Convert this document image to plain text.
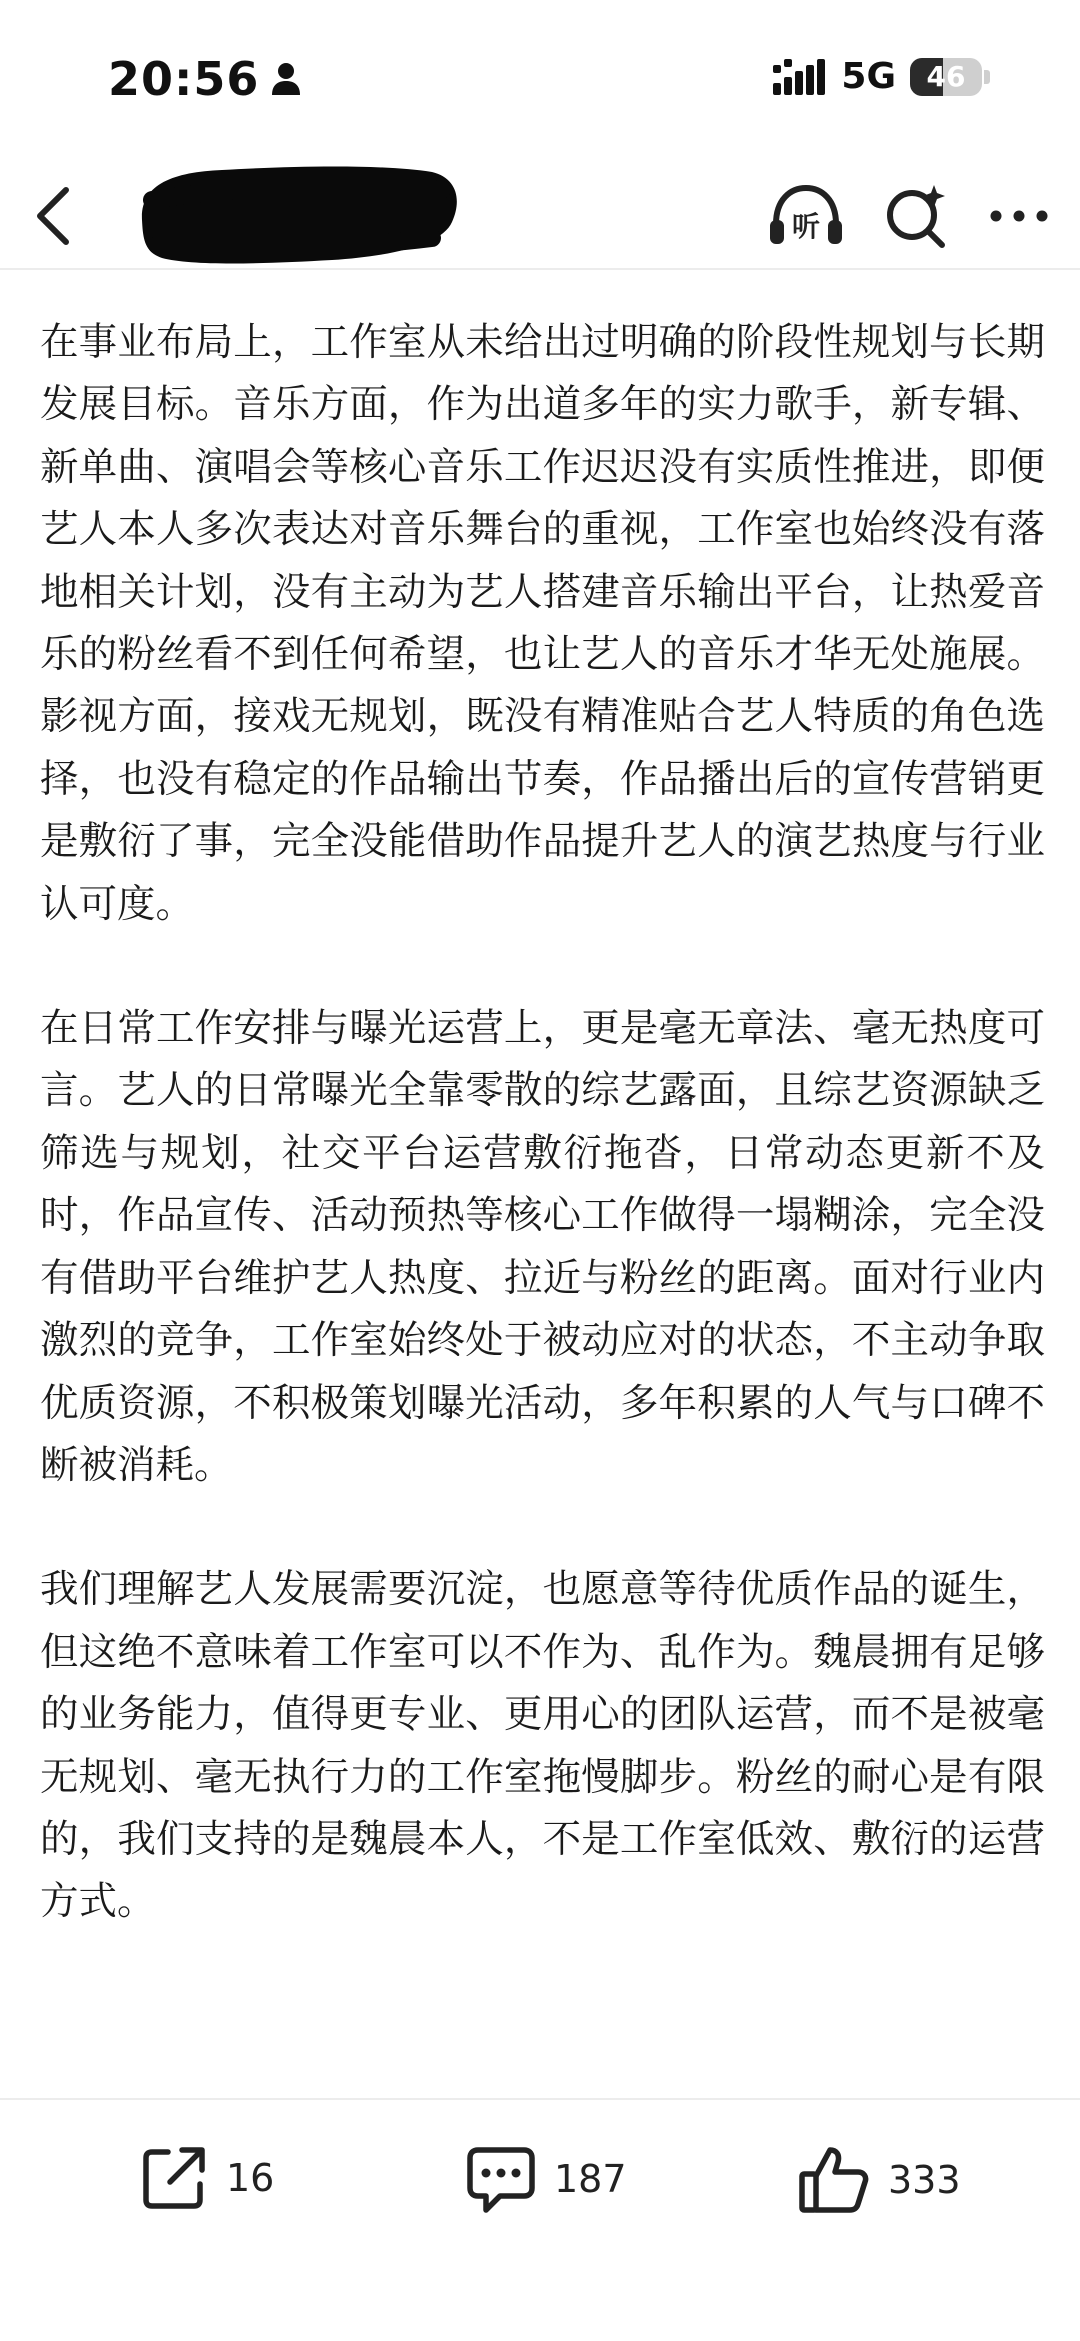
20:56	5G	46
听

在事业布局上，工作室从未给出过明确的阶段性规划与长期发展目标。音乐方面，作为出道多年的实力歌手，新专辑、新单曲、演唱会等核心音乐工作迟迟没有实质性推进，即便艺人本人多次表达对音乐舞台的重视，工作室也始终没有落地相关计划，没有主动为艺人搭建音乐输出平台，让热爱音乐的粉丝看不到任何希望，也让艺人的音乐才华无处施展。影视方面，接戏无规划，既没有精准贴合艺人特质的角色选择，也没有稳定的作品输出节奏，作品播出后的宣传营销更是敷衍了事，完全没能借助作品提升艺人的演艺热度与行业认可度。

在日常工作安排与曝光运营上，更是毫无章法、毫无热度可言。艺人的日常曝光全靠零散的综艺露面，且综艺资源缺乏筛选与规划，社交平台运营敷衍拖沓，日常动态更新不及时，作品宣传、活动预热等核心工作做得一塌糊涂，完全没有借助平台维护艺人热度、拉近与粉丝的距离。面对行业内激烈的竞争，工作室始终处于被动应对的状态，不主动争取优质资源，不积极策划曝光活动，多年积累的人气与口碑不断被消耗。

我们理解艺人发展需要沉淀，也愿意等待优质作品的诞生，但这绝不意味着工作室可以不作为、乱作为。魏晨拥有足够的业务能力，值得更专业、更用心的团队运营，而不是被毫无规划、毫无执行力的工作室拖慢脚步。粉丝的耐心是有限的，我们支持的是魏晨本人，不是工作室低效、敷衍的运营方式。

16	187	333
